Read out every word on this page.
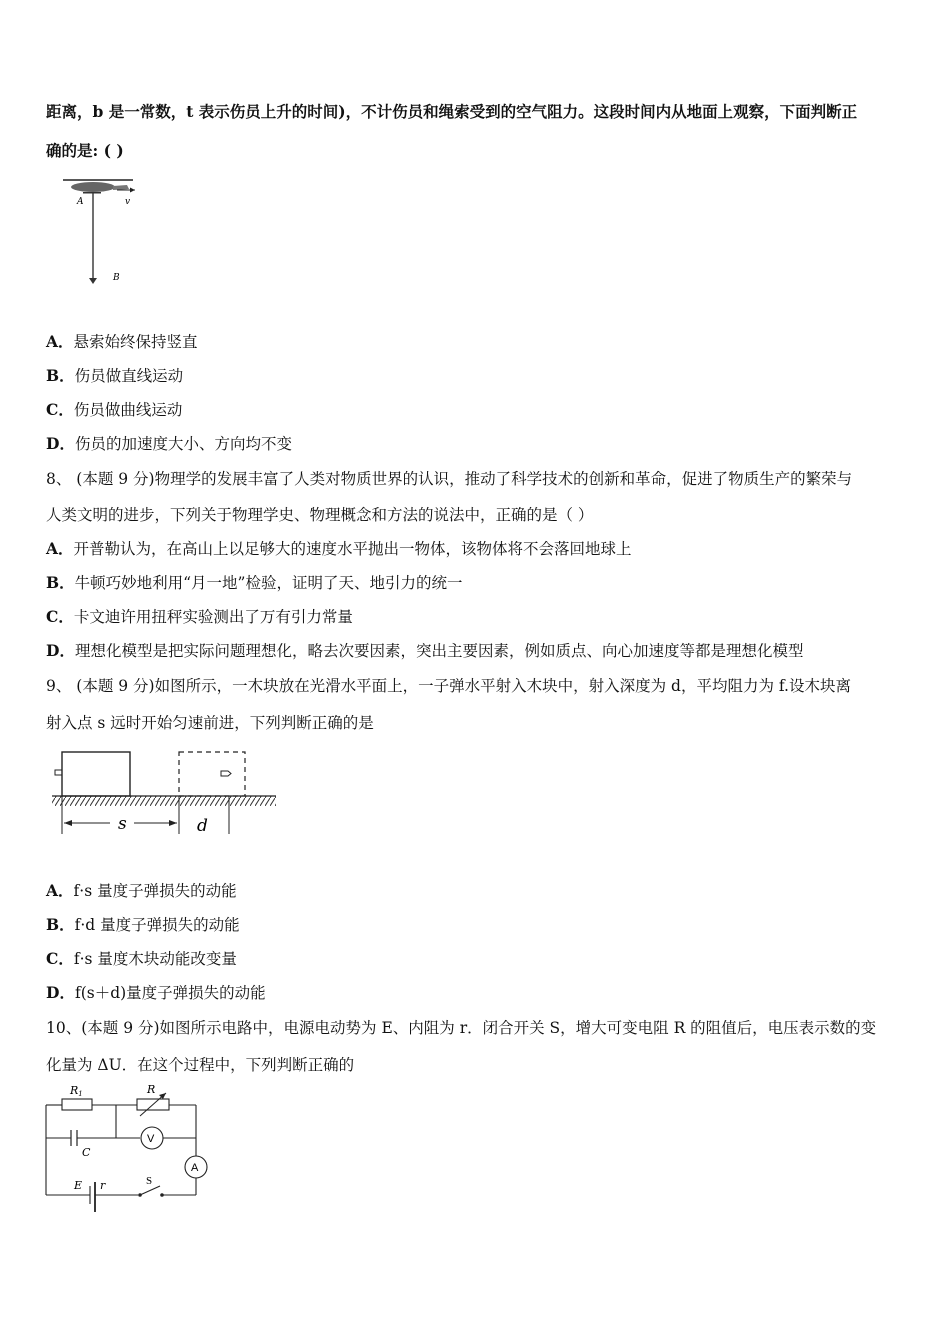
距离，b 是一常数，t 表示伤员上升的时间)，不计伤员和绳索受到的空气阻力。这段时间内从地面上观察，下面判断正
确的是: ( )
A	v
B
A．悬索始终保持竖直
B．伤员做直线运动
C．伤员做曲线运动
D．伤员的加速度大小、方向均不变
8、 (本题 9 分)物理学的发展丰富了人类对物质世界的认识，推动了科学技术的创新和革命，促进了物质生产的繁荣与
人类文明的进步，下列关于物理学史、物理概念和方法的说法中，正确的是（ ）
A．开普勒认为，在高山上以足够大的速度水平抛出一物体，该物体将不会落回地球上
B．牛顿巧妙地利用“月一地”检验，证明了天、地引力的统一
C．卡文迪许用扭秤实验测出了万有引力常量
D．理想化模型是把实际问题理想化，略去次要因素，突出主要因素，例如质点、向心加速度等都是理想化模型
9、 (本题 9 分)如图所示，一木块放在光滑水平面上，一子弹水平射入木块中，射入深度为 d，平均阻力为 f.设木块离
射入点 s 远时开始匀速前进，下列判断正确的是
s	d
A．f·s 量度子弹损失的动能
B．f·d 量度子弹损失的动能
C．f·s 量度木块动能改变量
D．f(s＋d)量度子弹损失的动能
10、(本题 9 分)如图所示电路中，电源电动势为 E、内阻为 r．闭合开关 S，增大可变电阻 R 的阻值后，电压表示数的变
化量为 ΔU．在这个过程中，下列判断正确的
R1	R
C
V
A
E r	S
